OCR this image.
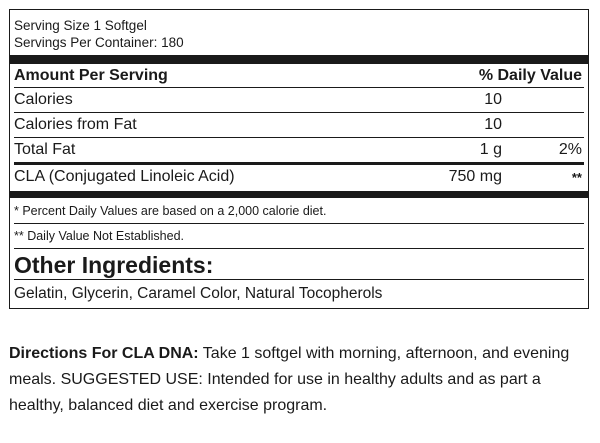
Serving Size 1 Softgel
Servings Per Container: 180
Amount Per Serving	% Daily Value
Calories	10
Calories from Fat	10
Total Fat	1 g	2%
CLA (Conjugated Linoleic Acid)	750 mg	**
* Percent Daily Values are based on a 2,000 calorie diet.
** Daily Value Not Established.
Other Ingredients:
Gelatin, Glycerin, Caramel Color, Natural Tocopherols
Directions For CLA DNA: Take 1 softgel with morning, afternoon, and evening meals. SUGGESTED USE: Intended for use in healthy adults and as part a healthy, balanced diet and exercise program.
